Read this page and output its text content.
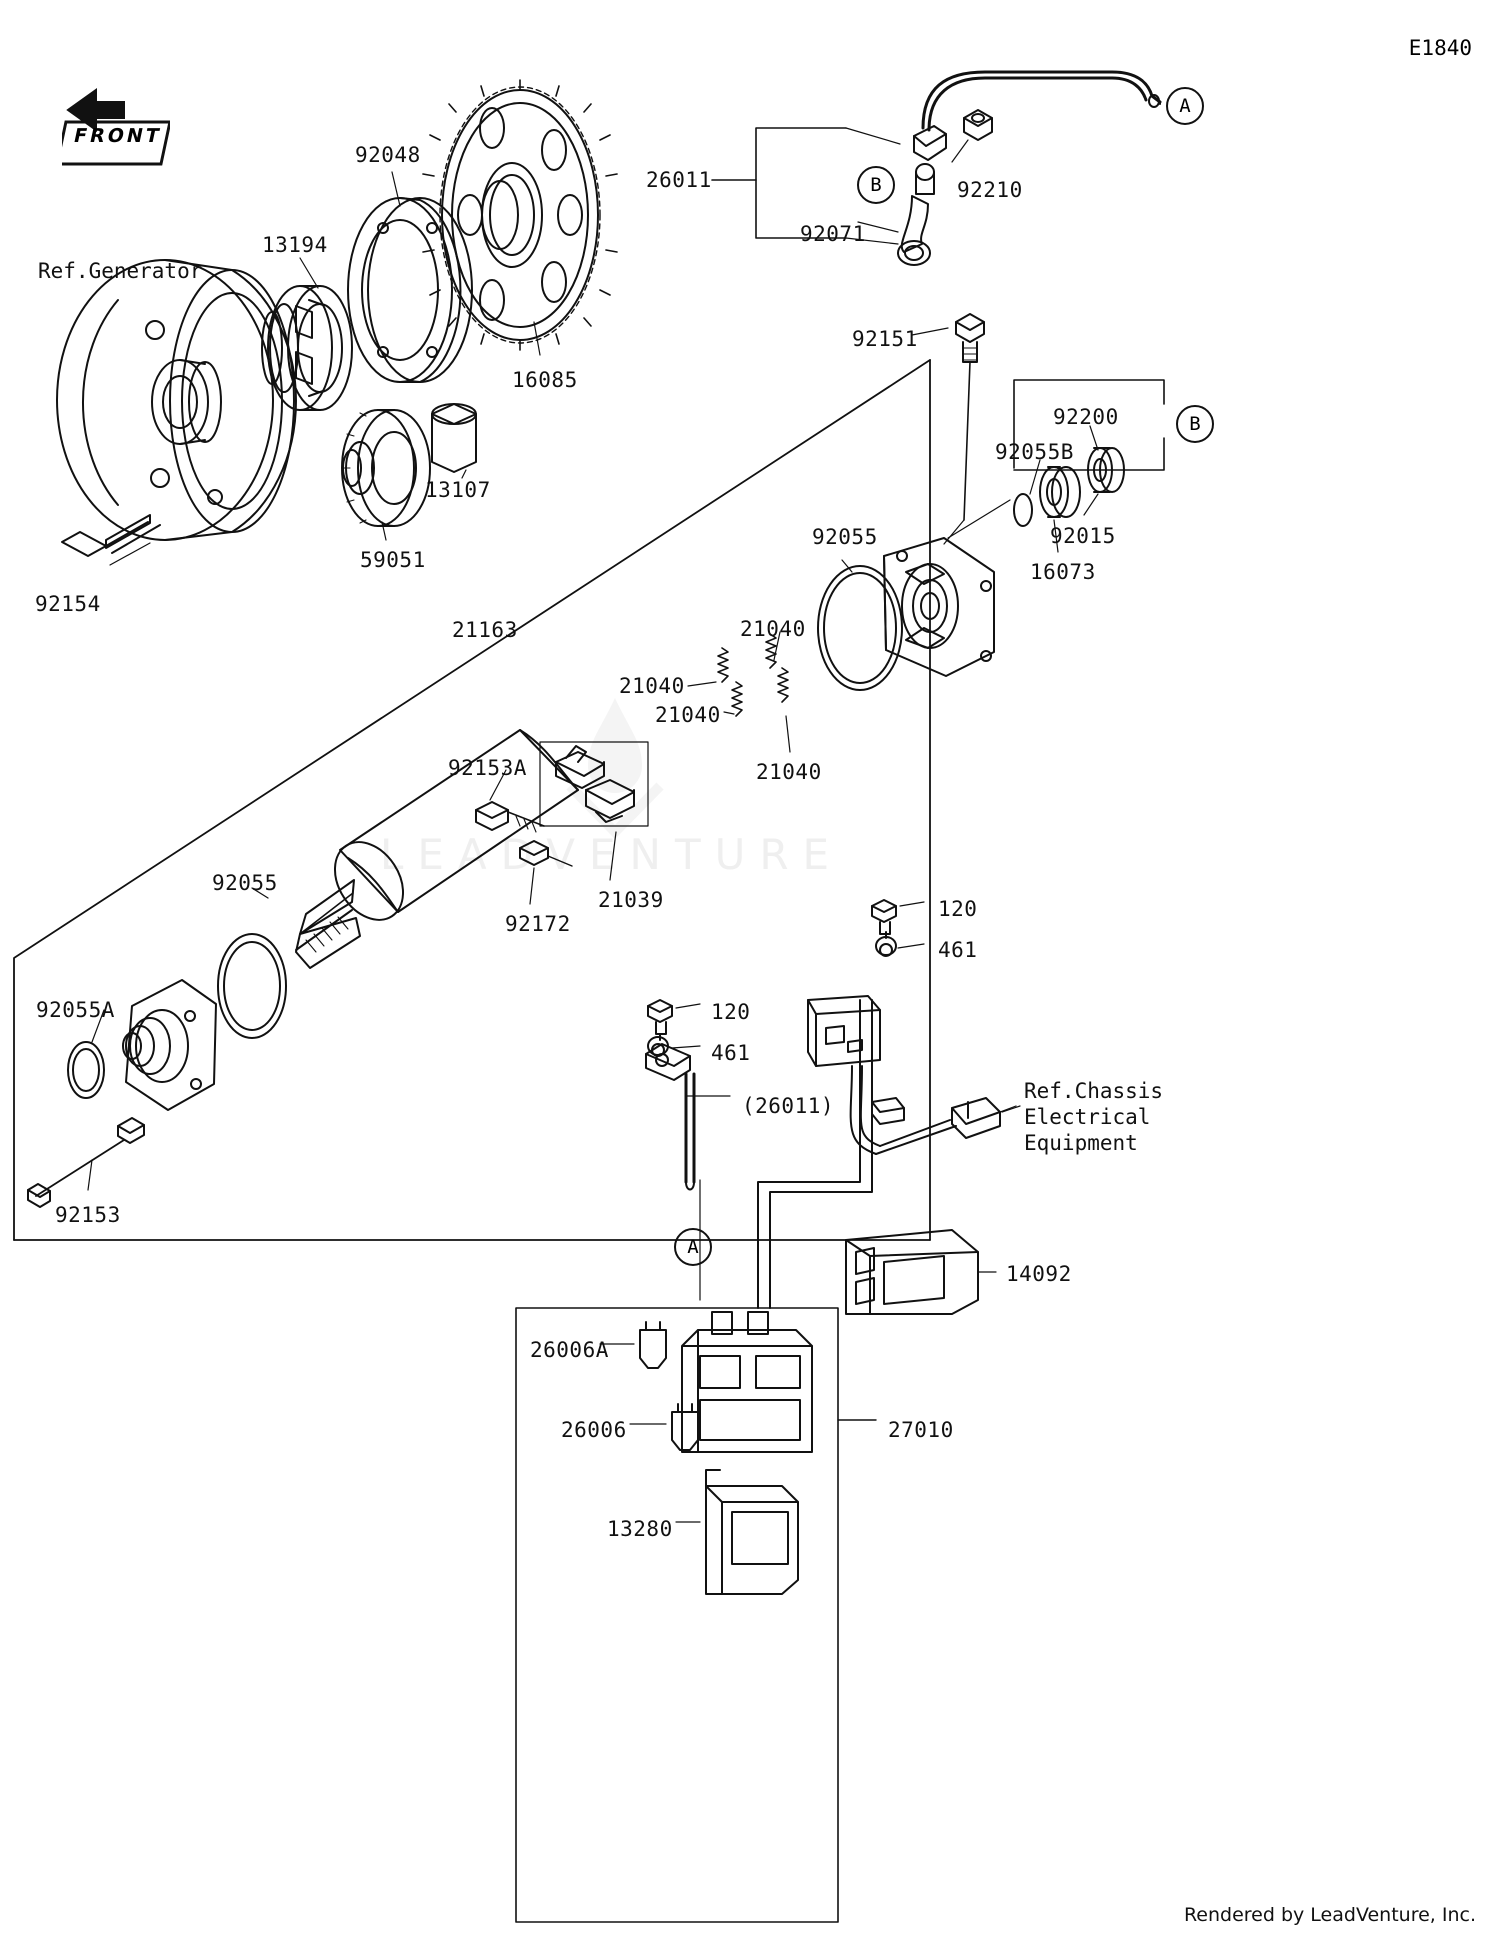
E1840
FRONT
LEADVENTURE
Ref.Generator
Ref.Chassis
Electrical
Equipment
92048
13194
16085
26011
92071
92210
92151
92200
92055B
92015
16073
92055
13107
59051
92154
21163	21040
21040
21040
21040
92153A
21039
92172
92055
92055A
92153
120
461
120
461
(26011)
14092
26006A
26006	27010
13280
A
B
B
A
Rendered by LeadVenture, Inc.
